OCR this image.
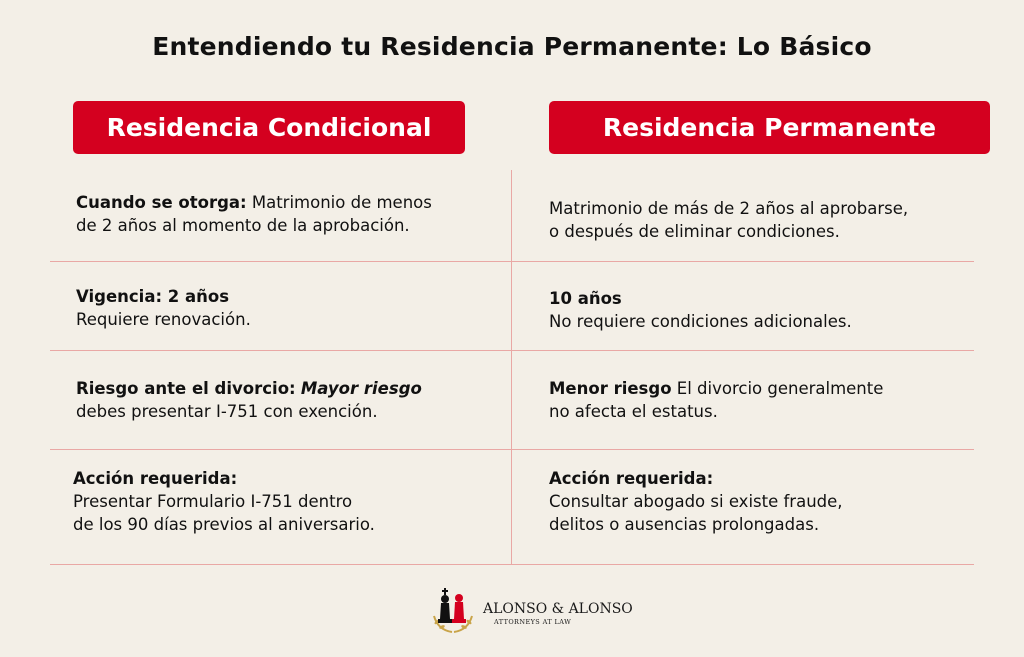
Entendiendo tu Residencia Permanente: Lo Básico
Residencia Condicional	Residencia Permanente
Cuando se otorga: Matrimonio de menos
de 2 años al momento de la aprobación.
Matrimonio de más de 2 años al aprobarse,
o después de eliminar condiciones.
Vigencia: 2 años
Requiere renovación.
10 años
No requiere condiciones adicionales.
Riesgo ante el divorcio: Mayor riesgo
debes presentar I-751 con exención.
Menor riesgo El divorcio generalmente
no afecta el estatus.
Acción requerida:
Presentar Formulario I-751 dentro
de los 90 días previos al aniversario.
Acción requerida:
Consultar abogado si existe fraude,
delitos o ausencias prolongadas.
ALONSO & ALONSO
ATTORNEYS AT LAW
